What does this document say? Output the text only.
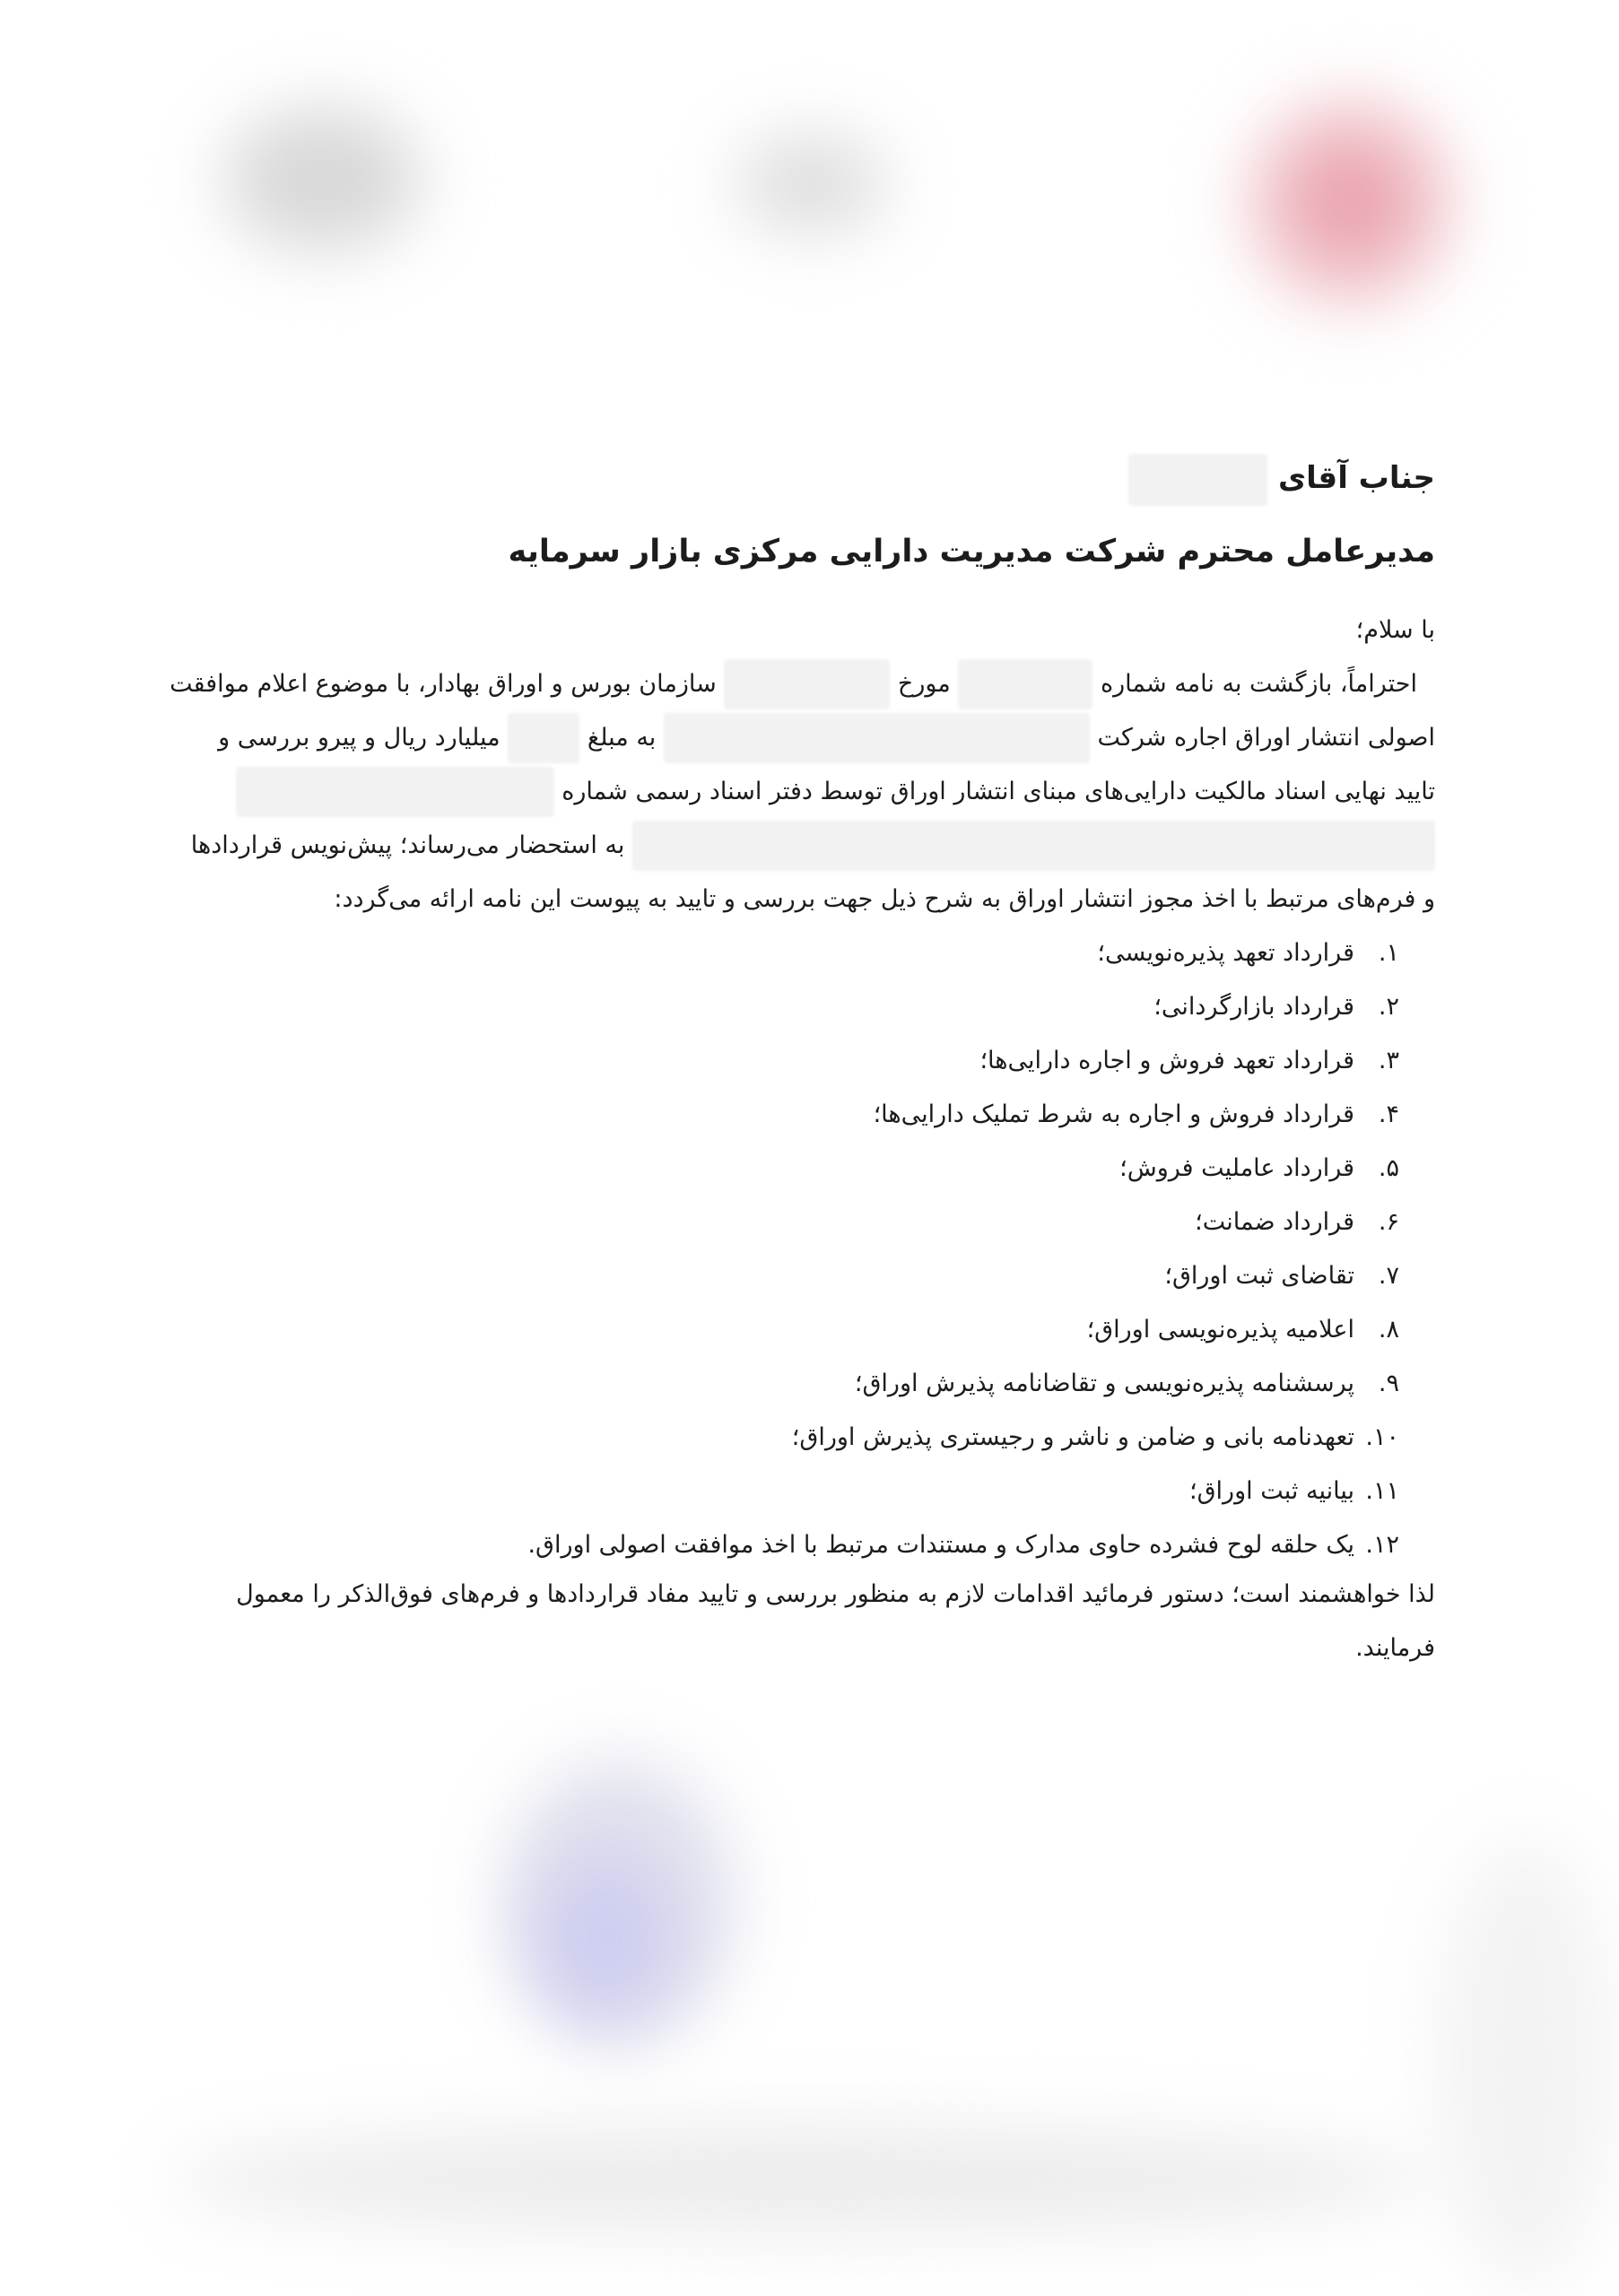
جناب آقای
مدیرعامل محترم شرکت مدیریت دارایی مرکزی بازار سرمایه
با سلام؛
احتراماً، بازگشت به نامه شماره  مورخ  سازمان بورس و اوراق بهادار، با موضوع اعلام موافقت
اصولی انتشار اوراق اجاره شرکت  به مبلغ  میلیارد ریال و پیرو بررسی و
تایید نهایی اسناد مالکیت دارایی‌های مبنای انتشار اوراق توسط دفتر اسناد رسمی شماره
به استحضار می‌رساند؛ پیش‌نویس قراردادها
و فرم‌های مرتبط با اخذ مجوز انتشار اوراق به شرح ذیل جهت بررسی و تایید به پیوست این نامه ارائه می‌گردد:
۱.قرارداد تعهد پذیره‌نویسی؛
۲.قرارداد بازارگردانی؛
۳.قرارداد تعهد فروش و اجاره دارایی‌ها؛
۴.قرارداد فروش و اجاره به شرط تملیک دارایی‌ها؛
۵.قرارداد عاملیت فروش؛
۶.قرارداد ضمانت؛
۷.تقاضای ثبت اوراق؛
۸.اعلامیه پذیره‌نویسی اوراق؛
۹.پرسشنامه پذیره‌نویسی و تقاضانامه پذیرش اوراق؛
۱۰.تعهدنامه بانی و ضامن و ناشر و رجیستری پذیرش اوراق؛
۱۱.بیانیه ثبت اوراق؛
۱۲.یک حلقه لوح فشرده حاوی مدارک و مستندات مرتبط با اخذ موافقت اصولی اوراق.
لذا خواهشمند است؛ دستور فرمائید اقدامات لازم به منظور بررسی و تایید مفاد قراردادها و فرم‌های فوق‌الذکر را معمول
فرمایند.
